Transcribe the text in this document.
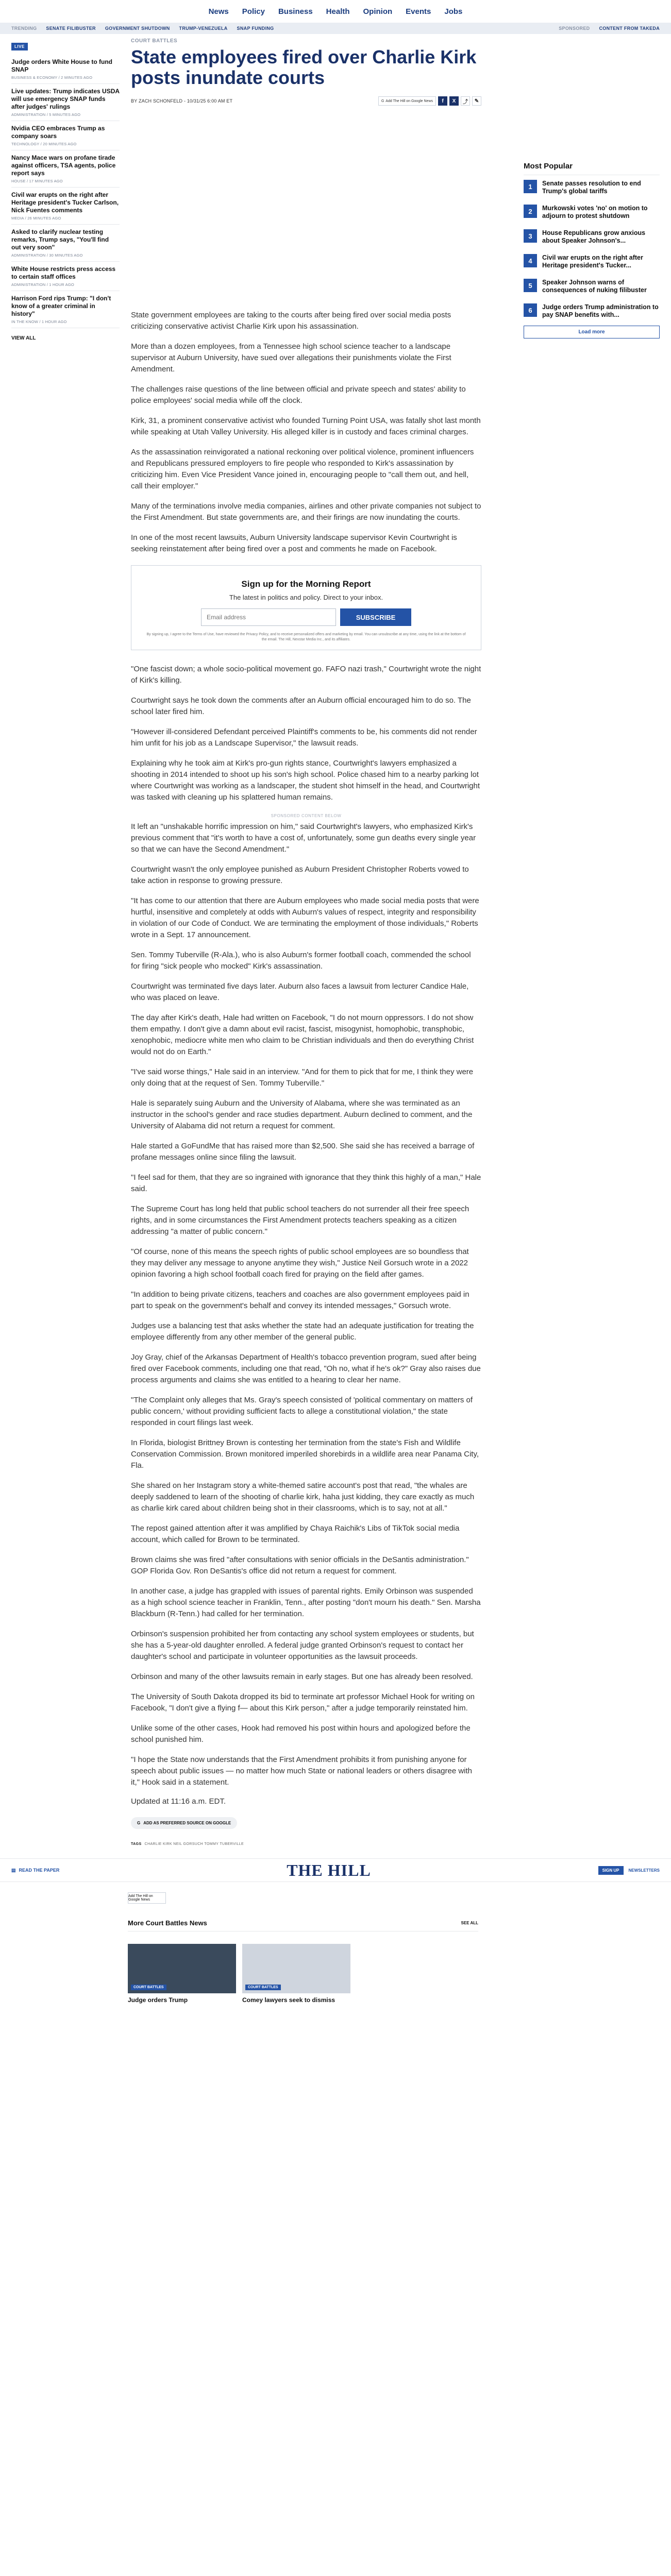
News Policy Business Health Opinion Events Jobs
TRENDING SENATE FILIBUSTER GOVERNMENT SHUTDOWN TRUMP-VENEZUELA SNAP FUNDING	SPONSORED CONTENT FROM TAKEDA
LIVE
Judge orders White House to fund SNAP
BUSINESS & ECONOMY / 2 MINUTES AGO
Live updates: Trump indicates USDA will use emergency SNAP funds after judges' rulings
ADMINISTRATION / 5 MINUTES AGO
Nvidia CEO embraces Trump as company soars
TECHNOLOGY / 20 MINUTES AGO
Nancy Mace wars on profane tirade against officers, TSA agents, police report says
HOUSE / 17 MINUTES AGO
Civil war erupts on the right after Heritage president's Tucker Carlson, Nick Fuentes comments
MEDIA / 26 MINUTES AGO
Asked to clarify nuclear testing remarks, Trump says, "You'll find out very soon"
ADMINISTRATION / 30 MINUTES AGO
White House restricts press access to certain staff offices
ADMINISTRATION / 1 HOUR AGO
Harrison Ford rips Trump: "I don't know of a greater criminal in history"
IN THE KNOW / 1 HOUR AGO
VIEW ALL
COURT BATTLES
State employees fired over Charlie Kirk posts inundate courts
BY ZACH SCHONFELD - 10/31/25 6:00 AM ET	G Add The Hill on Google News	f	X	⤴	✎

State government employees are taking to the courts after being fired over social media posts criticizing conservative activist Charlie Kirk upon his assassination.

More than a dozen employees, from a Tennessee high school science teacher to a landscape supervisor at Auburn University, have sued over allegations their punishments violate the First Amendment.

The challenges raise questions of the line between official and private speech and states' ability to police employees' social media while off the clock.

Kirk, 31, a prominent conservative activist who founded Turning Point USA, was fatally shot last month while speaking at Utah Valley University. His alleged killer is in custody and faces criminal charges.

As the assassination reinvigorated a national reckoning over political violence, prominent influencers and Republicans pressured employers to fire people who responded to Kirk's assassination by criticizing him. Even Vice President Vance joined in, encouraging people to "call them out, and hell, call their employer."

Many of the terminations involve media companies, airlines and other private companies not subject to the First Amendment. But state governments are, and their firings are now inundating the courts.

In one of the most recent lawsuits, Auburn University landscape supervisor Kevin Courtwright is seeking reinstatement after being fired over a post and comments he made on Facebook.

Sign up for the Morning Report
The latest in politics and policy. Direct to your inbox.
Email address
SUBSCRIBE
By signing up, I agree to the Terms of Use, have reviewed the Privacy Policy, and to receive personalized offers and marketing by email. You can unsubscribe at any time, using the link at the bottom of the email. The Hill, Nexstar Media Inc., and its affiliates.

"One fascist down; a whole socio-political movement go. FAFO nazi trash," Courtwright wrote the night of Kirk's killing.

Courtwright says he took down the comments after an Auburn official encouraged him to do so. The school later fired him.

"However ill-considered Defendant perceived Plaintiff's comments to be, his comments did not render him unfit for his job as a Landscape Supervisor," the lawsuit reads.

Explaining why he took aim at Kirk's pro-gun rights stance, Courtwright's lawyers emphasized a shooting in 2014 intended to shoot up his son's high school. Police chased him to a nearby parking lot where Courtwright was working as a landscaper, the student shot himself in the head, and Courtwright was tasked with cleaning up his splattered human remains.

SPONSORED CONTENT BELOW

It left an "unshakable horrific impression on him," said Courtwright's lawyers, who emphasized Kirk's previous comment that "it's worth to have a cost of, unfortunately, some gun deaths every single year so that we can have the Second Amendment."

Courtwright wasn't the only employee punished as Auburn President Christopher Roberts vowed to take action in response to growing pressure.

"It has come to our attention that there are Auburn employees who made social media posts that were hurtful, insensitive and completely at odds with Auburn's values of respect, integrity and responsibility in violation of our Code of Conduct. We are terminating the employment of those individuals," Roberts wrote in a Sept. 17 announcement.

Sen. Tommy Tuberville (R-Ala.), who is also Auburn's former football coach, commended the school for firing "sick people who mocked" Kirk's assassination.

Courtwright was terminated five days later. Auburn also faces a lawsuit from lecturer Candice Hale, who was placed on leave.

The day after Kirk's death, Hale had written on Facebook, "I do not mourn oppressors. I do not show them empathy. I don't give a damn about evil racist, fascist, misogynist, homophobic, transphobic, xenophobic, mediocre white men who claim to be Christian individuals and then do everything Christ would not do on Earth."

"I've said worse things," Hale said in an interview. "And for them to pick that for me, I think they were only doing that at the request of Sen. Tommy Tuberville."

Hale is separately suing Auburn and the University of Alabama, where she was terminated as an instructor in the school's gender and race studies department. Auburn declined to comment, and the University of Alabama did not return a request for comment.

Hale started a GoFundMe that has raised more than $2,500. She said she has received a barrage of profane messages online since filing the lawsuit.

"I feel sad for them, that they are so ingrained with ignorance that they think this highly of a man," Hale said.

The Supreme Court has long held that public school teachers do not surrender all their free speech rights, and in some circumstances the First Amendment protects teachers speaking as a citizen addressing "a matter of public concern."

"Of course, none of this means the speech rights of public school employees are so boundless that they may deliver any message to anyone anytime they wish," Justice Neil Gorsuch wrote in a 2022 opinion favoring a high school football coach fired for praying on the field after games.

"In addition to being private citizens, teachers and coaches are also government employees paid in part to speak on the government's behalf and convey its intended messages," Gorsuch wrote.

Judges use a balancing test that asks whether the state had an adequate justification for treating the employee differently from any other member of the general public.

Joy Gray, chief of the Arkansas Department of Health's tobacco prevention program, sued after being fired over Facebook comments, including one that read, "Oh no, what if he's ok?" Gray also raises due process arguments and claims she was entitled to a hearing to clear her name.

"The Complaint only alleges that Ms. Gray's speech consisted of 'political commentary on matters of public concern,' without providing sufficient facts to allege a constitutional violation," the state responded in court filings last week.

In Florida, biologist Brittney Brown is contesting her termination from the state's Fish and Wildlife Conservation Commission. Brown monitored imperiled shorebirds in a wildlife area near Panama City, Fla.

She shared on her Instagram story a white-themed satire account's post that read, "the whales are deeply saddened to learn of the shooting of charlie kirk, haha just kidding, they care exactly as much as charlie kirk cared about children being shot in their classrooms, which is to say, not at all."

The repost gained attention after it was amplified by Chaya Raichik's Libs of TikTok social media account, which called for Brown to be terminated.

Brown claims she was fired "after consultations with senior officials in the DeSantis administration." GOP Florida Gov. Ron DeSantis's office did not return a request for comment.

In another case, a judge has grappled with issues of parental rights. Emily Orbinson was suspended as a high school science teacher in Franklin, Tenn., after posting "don't mourn his death." Sen. Marsha Blackburn (R-Tenn.) had called for her termination.

Orbinson's suspension prohibited her from contacting any school system employees or students, but she has a 5-year-old daughter enrolled. A federal judge granted Orbinson's request to contact her daughter's school and participate in volunteer opportunities as the lawsuit proceeds.

Orbinson and many of the other lawsuits remain in early stages. But one has already been resolved.

The University of South Dakota dropped its bid to terminate art professor Michael Hook for writing on Facebook, "I don't give a flying f— about this Kirk person," after a judge temporarily reinstated him.

Unlike some of the other cases, Hook had removed his post within hours and apologized before the school punished him.

"I hope the State now understands that the First Amendment prohibits it from punishing anyone for speech about public issues — no matter how much State or national leaders or others disagree with it," Hook said in a statement.

Updated at 11:16 a.m. EDT.
G ADD AS PREFERRED SOURCE ON GOOGLE
TAGS CHARLIE KIRK NEIL GORSUCH TOMMY TUBERVILLE
Most Popular
1	Senate passes resolution to end Trump's global tariffs
2	Murkowski votes 'no' on motion to adjourn to protest shutdown
3	House Republicans grow anxious about Speaker Johnson's...
4	Civil war erupts on the right after Heritage president's Tucker...
5	Speaker Johnson warns of consequences of nuking filibuster
6	Judge orders Trump administration to pay SNAP benefits with...
Load more
▤ READ THE PAPER	THE HILL	SIGN UP	NEWSLETTERS
Add The Hill on Google News
More Court Battles News	SEE ALL
COURT BATTLES
Judge orders Trump
COURT BATTLES
Comey lawyers seek to dismiss
